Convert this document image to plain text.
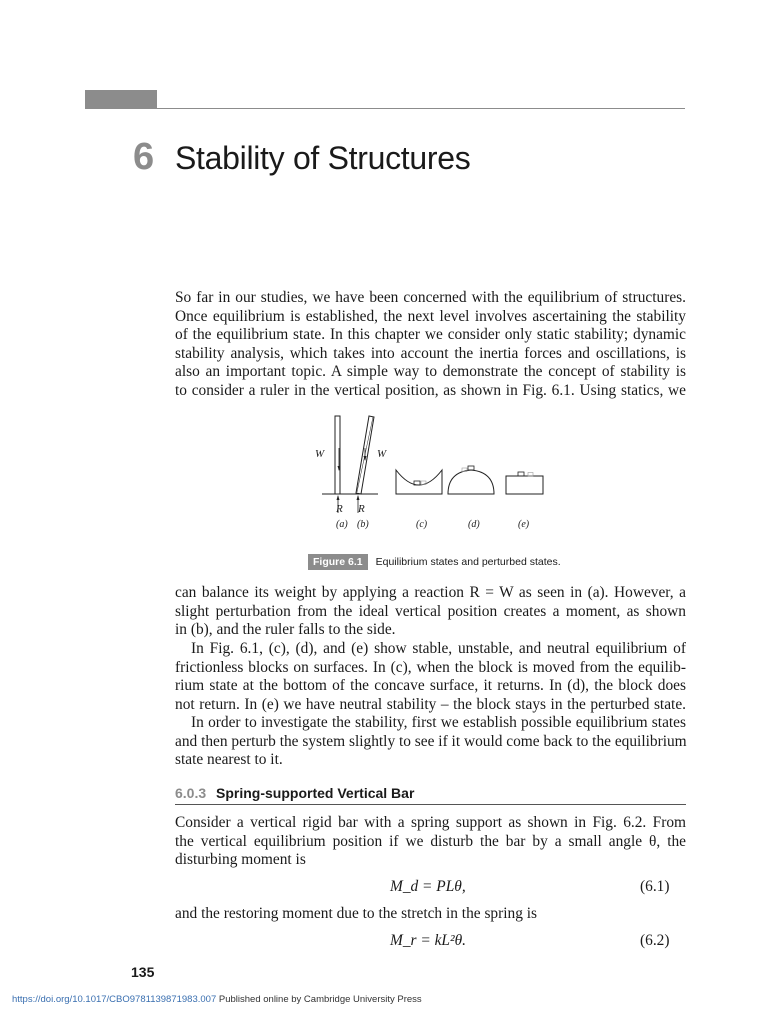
6 Stability of Structures

So far in our studies, we have been concerned with the equilibrium of structures.
Once equilibrium is established, the next level involves ascertaining the stability
of the equilibrium state. In this chapter we consider only static stability; dynamic
stability analysis, which takes into account the inertia forces and oscillations, is
also an important topic. A simple way to demonstrate the concept of stability is
to consider a ruler in the vertical position, as shown in Fig. 6.1. Using statics, we

W	W
R R
(a) (b)	(c)	(d)	(e)
Figure 6.1	Equilibrium states and perturbed states.

can balance its weight by applying a reaction R = W as seen in (a). However, a
slight perturbation from the ideal vertical position creates a moment, as shown
in (b), and the ruler falls to the side.

In Fig. 6.1, (c), (d), and (e) show stable, unstable, and neutral equilibrium of
frictionless blocks on surfaces. In (c), when the block is moved from the equilib-
rium state at the bottom of the concave surface, it returns. In (d), the block does
not return. In (e) we have neutral stability – the block stays in the perturbed state.

In order to investigate the stability, first we establish possible equilibrium states
and then perturb the system slightly to see if it would come back to the equilibrium
state nearest to it.

6.0.3 Spring-supported Vertical Bar

Consider a vertical rigid bar with a spring support as shown in Fig. 6.2. From
the vertical equilibrium position if we disturb the bar by a small angle θ, the
disturbing moment is

M_d = PLθ,	(6.1)
and the restoring moment due to the stretch in the spring is
M_r = kL²θ.	(6.2)
135
https://doi.org/10.1017/CBO9781139871983.007 Published online by Cambridge University Press
